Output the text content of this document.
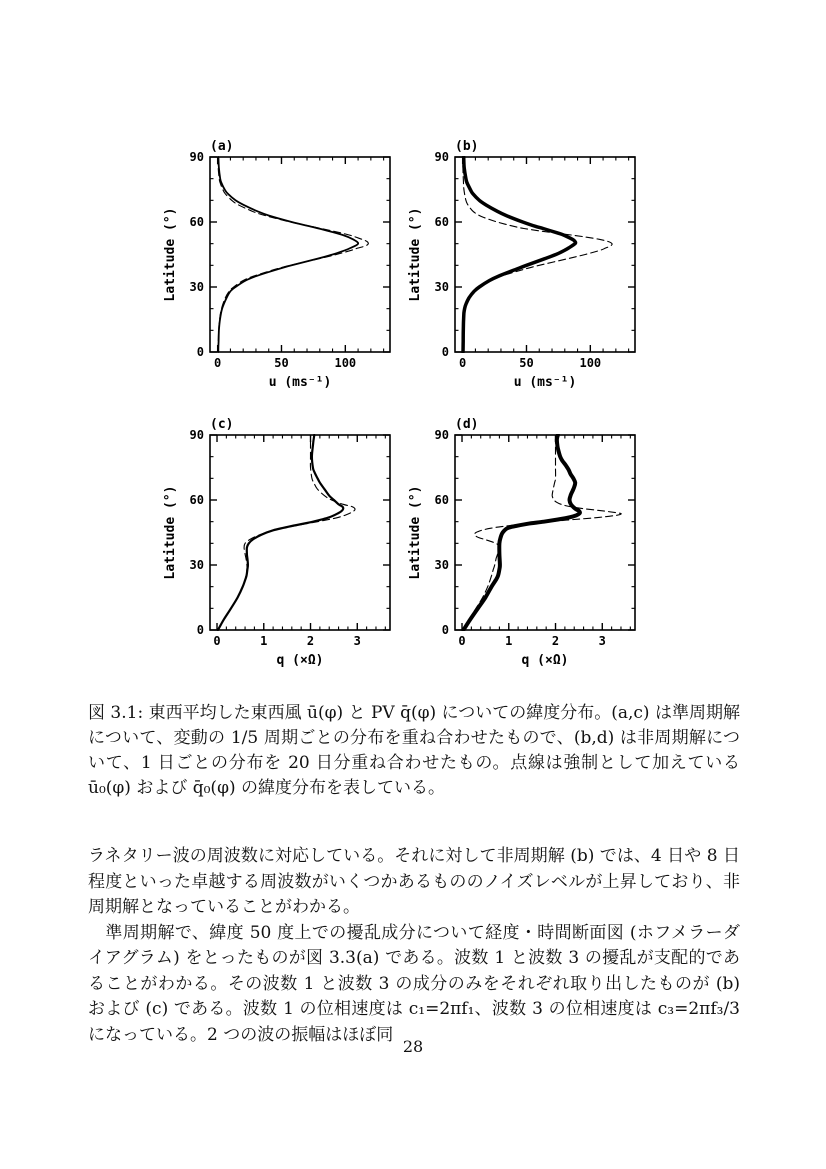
0	50	100
0
30
60
90
(a)
u (ms⁻¹)
Latitude (°)
0	50	100
0
30
60
90
(b)
u (ms⁻¹)
Latitude (°)
0	1	2	3
0
30
60
90
(c)
q (×Ω)
Latitude (°)
0	1	2	3
0
30
60
90
(d)
q (×Ω)
Latitude (°)

図 3.1: 東西平均した東西風 ū(φ) と PV q̄(φ) についての緯度分布。(a,c) は準周期解について、変動の 1/5 周期ごとの分布を重ね合わせたもので、(b,d) は非周期解について、1 日ごとの分布を 20 日分重ね合わせたもの。点線は強制として加えている ū₀(φ) および q̄₀(φ) の緯度分布を表している。

ラネタリー波の周波数に対応している。それに対して非周期解 (b) では、4 日や 8 日程度といった卓越する周波数がいくつかあるもののノイズレベルが上昇しており、非周期解となっていることがわかる。

　準周期解で、緯度 50 度上での擾乱成分について経度・時間断面図 (ホフメラーダイアグラム) をとったものが図 3.3(a) である。波数 1 と波数 3 の擾乱が支配的であることがわかる。その波数 1 と波数 3 の成分のみをそれぞれ取り出したものが (b) および (c) である。波数 1 の位相速度は c₁=2πf₁、波数 3 の位相速度は c₃=2πf₃/3 になっている。2 つの波の振幅はほぼ同

28
